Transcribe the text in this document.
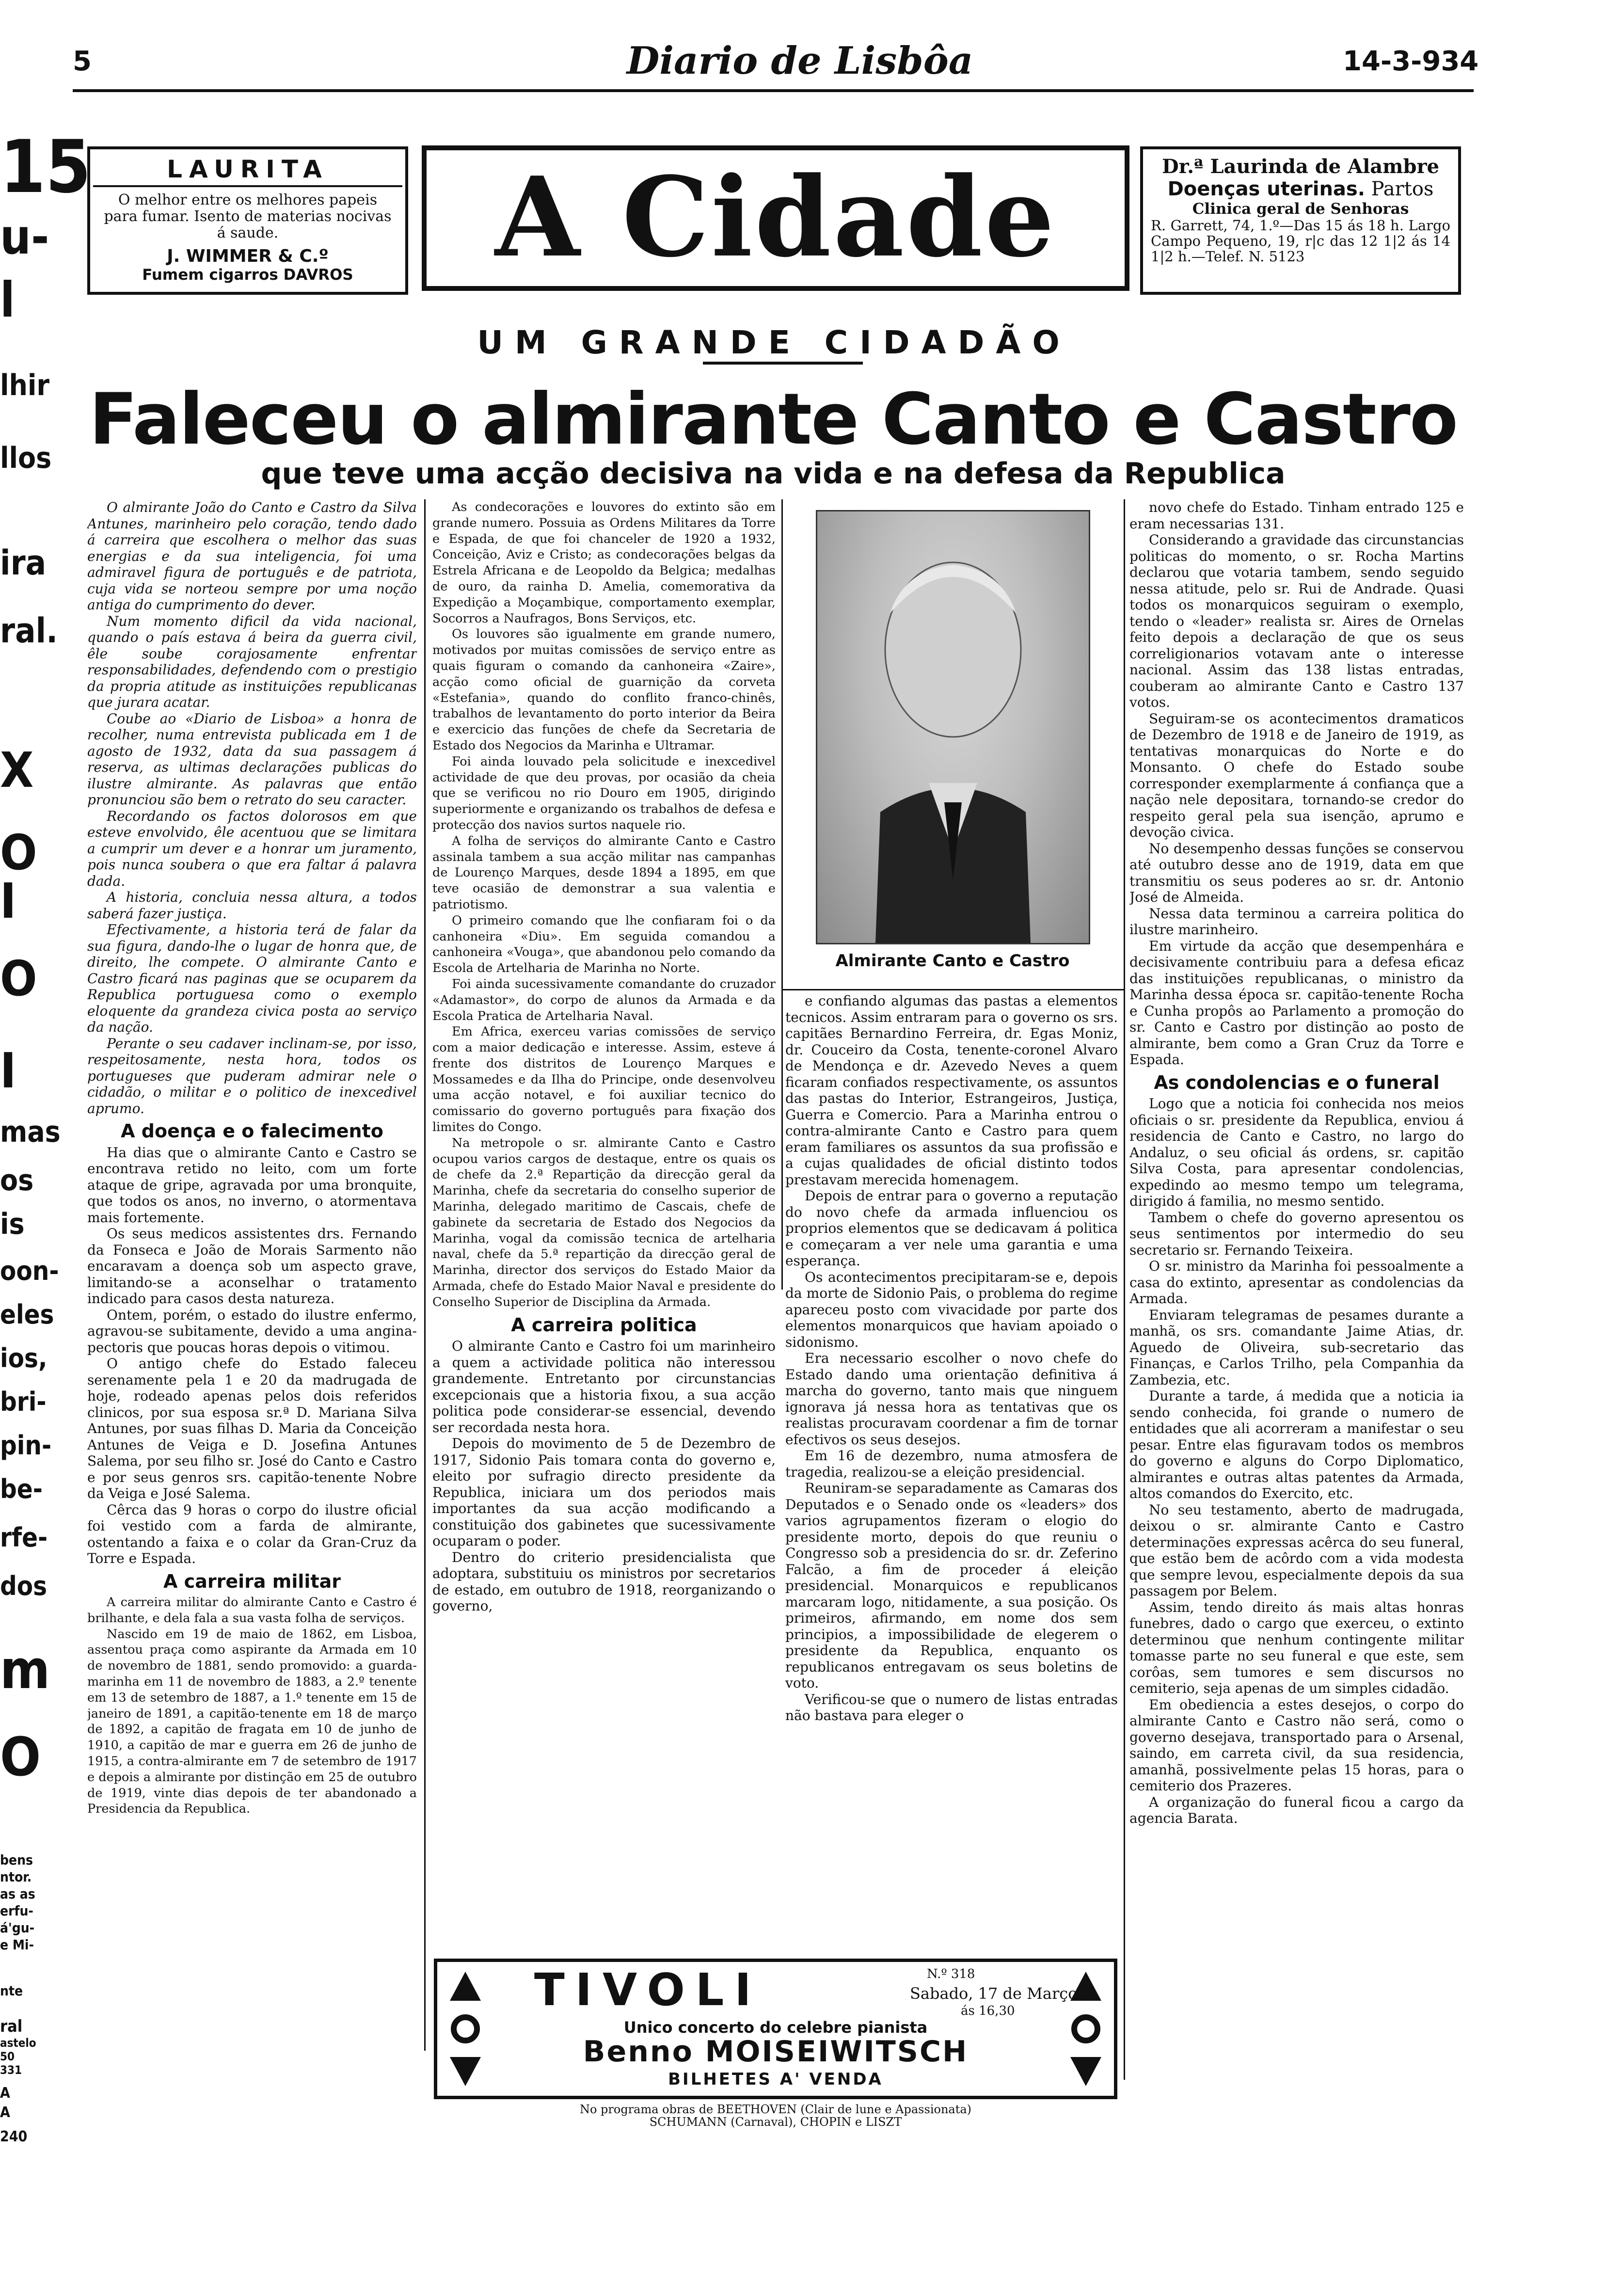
5	Diario de Lisbôa	14-3-934
LAURITA
O melhor entre os melhores papeis para fumar. Isento de materias nocivas á saude.
J. WIMMER & C.º
Fumem cigarros DAVROS	A Cidade	Dr.ª Laurinda de Alambre
Doenças uterinas. Partos
Clinica geral de Senhoras
R. Garrett, 74, 1.º—Das 15 ás 18 h. Largo Campo Pequeno, 19, r|c das 12 1|2 ás 14 1|2 h.—Telef. N. 5123
UM GRANDE CIDADÃO
Faleceu o almirante Canto e Castro
que teve uma acção decisiva na vida e na defesa da Republica

O almirante João do Canto e Castro da Silva Antunes, marinheiro pelo coração, tendo dado á carreira que escolhera o melhor das suas energias e da sua inteligencia, foi uma admiravel figura de português e de patriota, cuja vida se norteou sempre por uma noção antiga do cumprimento do dever.

Num momento dificil da vida nacional, quando o país estava á beira da guerra civil, êle soube corajosamente enfrentar responsabilidades, defendendo com o prestigio da propria atitude as instituições republicanas que jurara acatar.

Coube ao «Diario de Lisboa» a honra de recolher, numa entrevista publicada em 1 de agosto de 1932, data da sua passagem á reserva, as ultimas declarações publicas do ilustre almirante. As palavras que então pronunciou são bem o retrato do seu caracter.

Recordando os factos dolorosos em que esteve envolvido, êle acentuou que se limitara a cumprir um dever e a honrar um juramento, pois nunca soubera o que era faltar á palavra dada.

A historia, concluia nessa altura, a todos saberá fazer justiça.

Efectivamente, a historia terá de falar da sua figura, dando-lhe o lugar de honra que, de direito, lhe compete. O almirante Canto e Castro ficará nas paginas que se ocuparem da Republica portuguesa como o exemplo eloquente da grandeza civica posta ao serviço da nação.

Perante o seu cadaver inclinam-se, por isso, respeitosamente, nesta hora, todos os portugueses que puderam admirar nele o cidadão, o militar e o politico de inexcedivel aprumo.

A doença e o falecimento

Ha dias que o almirante Canto e Castro se encontrava retido no leito, com um forte ataque de gripe, agravada por uma bronquite, que todos os anos, no inverno, o atormentava mais fortemente.

Os seus medicos assistentes drs. Fernando da Fonseca e João de Morais Sarmento não encaravam a doença sob um aspecto grave, limitando-se a aconselhar o tratamento indicado para casos desta natureza.

Ontem, porém, o estado do ilustre enfermo, agravou-se subitamente, devido a uma angina-pectoris que poucas horas depois o vitimou.

O antigo chefe do Estado faleceu serenamente pela 1 e 20 da madrugada de hoje, rodeado apenas pelos dois referidos clinicos, por sua esposa sr.ª D. Mariana Silva Antunes, por suas filhas D. Maria da Conceição Antunes de Veiga e D. Josefina Antunes Salema, por seu filho sr. José do Canto e Castro e por seus genros srs. capitão-tenente Nobre da Veiga e José Salema.

Cêrca das 9 horas o corpo do ilustre oficial foi vestido com a farda de almirante, ostentando a faixa e o colar da Gran-Cruz da Torre e Espada.

A carreira militar

A carreira militar do almirante Canto e Castro é brilhante, e dela fala a sua vasta folha de serviços.

Nascido em 19 de maio de 1862, em Lisboa, assentou praça como aspirante da Armada em 10 de novembro de 1881, sendo promovido: a guarda-marinha em 11 de novembro de 1883, a 2.º tenente em 13 de setembro de 1887, a 1.º tenente em 15 de janeiro de 1891, a capitão-tenente em 18 de março de 1892, a capitão de fragata em 10 de junho de 1910, a capitão de mar e guerra em 26 de junho de 1915, a contra-almirante em 7 de setembro de 1917 e depois a almirante por distinção em 25 de outubro de 1919, vinte dias depois de ter abandonado a Presidencia da Republica.

As condecorações e louvores do extinto são em grande numero. Possuia as Ordens Militares da Torre e Espada, de que foi chanceler de 1920 a 1932, Conceição, Aviz e Cristo; as condecorações belgas da Estrela Africana e de Leopoldo da Belgica; medalhas de ouro, da rainha D. Amelia, comemorativa da Expedição a Moçambique, comportamento exemplar, Socorros a Naufragos, Bons Serviços, etc.

Os louvores são igualmente em grande numero, motivados por muitas comissões de serviço entre as quais figuram o comando da canhoneira «Zaire», acção como oficial de guarnição da corveta «Estefania», quando do conflito franco-chinês, trabalhos de levantamento do porto interior da Beira e exercicio das funções de chefe da Secretaria de Estado dos Negocios da Marinha e Ultramar.

Foi ainda louvado pela solicitude e inexcedivel actividade de que deu provas, por ocasião da cheia que se verificou no rio Douro em 1905, dirigindo superiormente e organizando os trabalhos de defesa e protecção dos navios surtos naquele rio.

A folha de serviços do almirante Canto e Castro assinala tambem a sua acção militar nas campanhas de Lourenço Marques, desde 1894 a 1895, em que teve ocasião de demonstrar a sua valentia e patriotismo.

O primeiro comando que lhe confiaram foi o da canhoneira «Diu». Em seguida comandou a canhoneira «Vouga», que abandonou pelo comando da Escola de Artelharia de Marinha no Norte.

Foi ainda sucessivamente comandante do cruzador «Adamastor», do corpo de alunos da Armada e da Escola Pratica de Artelharia Naval.

Em Africa, exerceu varias comissões de serviço com a maior dedicação e interesse. Assim, esteve á frente dos distritos de Lourenço Marques e Mossamedes e da Ilha do Principe, onde desenvolveu uma acção notavel, e foi auxiliar tecnico do comissario do governo português para fixação dos limites do Congo.

Na metropole o sr. almirante Canto e Castro ocupou varios cargos de destaque, entre os quais os de chefe da 2.ª Repartição da direcção geral da Marinha, chefe da secretaria do conselho superior de Marinha, delegado maritimo de Cascais, chefe de gabinete da secretaria de Estado dos Negocios da Marinha, vogal da comissão tecnica de artelharia naval, chefe da 5.ª repartição da direcção geral de Marinha, director dos serviços do Estado Maior da Armada, chefe do Estado Maior Naval e presidente do Conselho Superior de Disciplina da Armada.

A carreira politica

O almirante Canto e Castro foi um marinheiro a quem a actividade politica não interessou grandemente. Entretanto por circunstancias excepcionais que a historia fixou, a sua acção politica pode considerar-se essencial, devendo ser recordada nesta hora.

Depois do movimento de 5 de Dezembro de 1917, Sidonio Pais tomara conta do governo e, eleito por sufragio directo presidente da Republica, iniciara um dos periodos mais importantes da sua acção modificando a constituição dos gabinetes que sucessivamente ocuparam o poder.

Dentro do criterio presidencialista que adoptara, substituiu os ministros por secretarios de estado, em outubro de 1918, reorganizando o governo,

Almirante Canto e Castro

e confiando algumas das pastas a elementos tecnicos. Assim entraram para o governo os srs. capitães Bernardino Ferreira, dr. Egas Moniz, dr. Couceiro da Costa, tenente-coronel Alvaro de Mendonça e dr. Azevedo Neves a quem ficaram confiados respectivamente, os assuntos das pastas do Interior, Estrangeiros, Justiça, Guerra e Comercio. Para a Marinha entrou o contra-almirante Canto e Castro para quem eram familiares os assuntos da sua profissão e a cujas qualidades de oficial distinto todos prestavam merecida homenagem.

Depois de entrar para o governo a reputação do novo chefe da armada influenciou os proprios elementos que se dedicavam á politica e começaram a ver nele uma garantia e uma esperança.

Os acontecimentos precipitaram-se e, depois da morte de Sidonio Pais, o problema do regime apareceu posto com vivacidade por parte dos elementos monarquicos que haviam apoiado o sidonismo.

Era necessario escolher o novo chefe do Estado dando uma orientação definitiva á marcha do governo, tanto mais que ninguem ignorava já nessa hora as tentativas que os realistas procuravam coordenar a fim de tornar efectivos os seus desejos.

Em 16 de dezembro, numa atmosfera de tragedia, realizou-se a eleição presidencial.

Reuniram-se separadamente as Camaras dos Deputados e o Senado onde os «leaders» dos varios agrupamentos fizeram o elogio do presidente morto, depois do que reuniu o Congresso sob a presidencia do sr. dr. Zeferino Falcão, a fim de proceder á eleição presidencial. Monarquicos e republicanos marcaram logo, nitidamente, a sua posição. Os primeiros, afirmando, em nome dos sem principios, a impossibilidade de elegerem o presidente da Republica, enquanto os republicanos entregavam os seus boletins de voto.

Verificou-se que o numero de listas entradas não bastava para eleger o

novo chefe do Estado. Tinham entrado 125 e eram necessarias 131.

Considerando a gravidade das circunstancias politicas do momento, o sr. Rocha Martins declarou que votaria tambem, sendo seguido nessa atitude, pelo sr. Rui de Andrade. Quasi todos os monarquicos seguiram o exemplo, tendo o «leader» realista sr. Aires de Ornelas feito depois a declaração de que os seus correligionarios votavam ante o interesse nacional. Assim das 138 listas entradas, couberam ao almirante Canto e Castro 137 votos.

Seguiram-se os acontecimentos dramaticos de Dezembro de 1918 e de Janeiro de 1919, as tentativas monarquicas do Norte e do Monsanto. O chefe do Estado soube corresponder exemplarmente á confiança que a nação nele depositara, tornando-se credor do respeito geral pela sua isenção, aprumo e devoção civica.

No desempenho dessas funções se conservou até outubro desse ano de 1919, data em que transmitiu os seus poderes ao sr. dr. Antonio José de Almeida.

Nessa data terminou a carreira politica do ilustre marinheiro.

Em virtude da acção que desempenhára e decisivamente contribuiu para a defesa eficaz das instituições republicanas, o ministro da Marinha dessa época sr. capitão-tenente Rocha e Cunha propôs ao Parlamento a promoção do sr. Canto e Castro por distinção ao posto de almirante, bem como a Gran Cruz da Torre e Espada.

As condolencias e o funeral

Logo que a noticia foi conhecida nos meios oficiais o sr. presidente da Republica, enviou á residencia de Canto e Castro, no largo do Andaluz, o seu oficial ás ordens, sr. capitão Silva Costa, para apresentar condolencias, expedindo ao mesmo tempo um telegrama, dirigido á familia, no mesmo sentido.

Tambem o chefe do governo apresentou os seus sentimentos por intermedio do seu secretario sr. Fernando Teixeira.

O sr. ministro da Marinha foi pessoalmente a casa do extinto, apresentar as condolencias da Armada.

Enviaram telegramas de pesames durante a manhã, os srs. comandante Jaime Atias, dr. Aguedo de Oliveira, sub-secretario das Finanças, e Carlos Trilho, pela Companhia da Zambezia, etc.

Durante a tarde, á medida que a noticia ia sendo conhecida, foi grande o numero de entidades que ali acorreram a manifestar o seu pesar. Entre elas figuravam todos os membros do governo e alguns do Corpo Diplomatico, almirantes e outras altas patentes da Armada, altos comandos do Exercito, etc.

No seu testamento, aberto de madrugada, deixou o sr. almirante Canto e Castro determinações expressas acêrca do seu funeral, que estão bem de acôrdo com a vida modesta que sempre levou, especialmente depois da sua passagem por Belem.

Assim, tendo direito ás mais altas honras funebres, dado o cargo que exerceu, o extinto determinou que nenhum contingente militar tomasse parte no seu funeral e que este, sem corôas, sem tumores e sem discursos no cemiterio, seja apenas de um simples cidadão.

Em obediencia a estes desejos, o corpo do almirante Canto e Castro não será, como o governo desejava, transportado para o Arsenal, saindo, em carreta civil, da sua residencia, amanhã, possivelmente pelas 15 horas, para o cemiterio dos Prazeres.

A organização do funeral ficou a cargo da agencia Barata.

TIVOLI	N.º 318
Sabado, 17 de Março
ás 16,30
Unico concerto do celebre pianista
Benno MOISEIWITSCH
BILHETES A' VENDA
No programa obras de BEETHOVEN (Clair de lune e Apassionata)
SCHUMANN (Carnaval), CHOPIN e LISZT
15
u-
l
lhir
llos
ira
ral.
X
O
I
O
I
mas
os
is
oon-
eles
ios,
bri-
pin-
be-
rfe-
dos
m
O
bens
ntor.
as as
erfu-
á'gu-
e Mi-
nte
ral
astelo
50
331
A
A
240
